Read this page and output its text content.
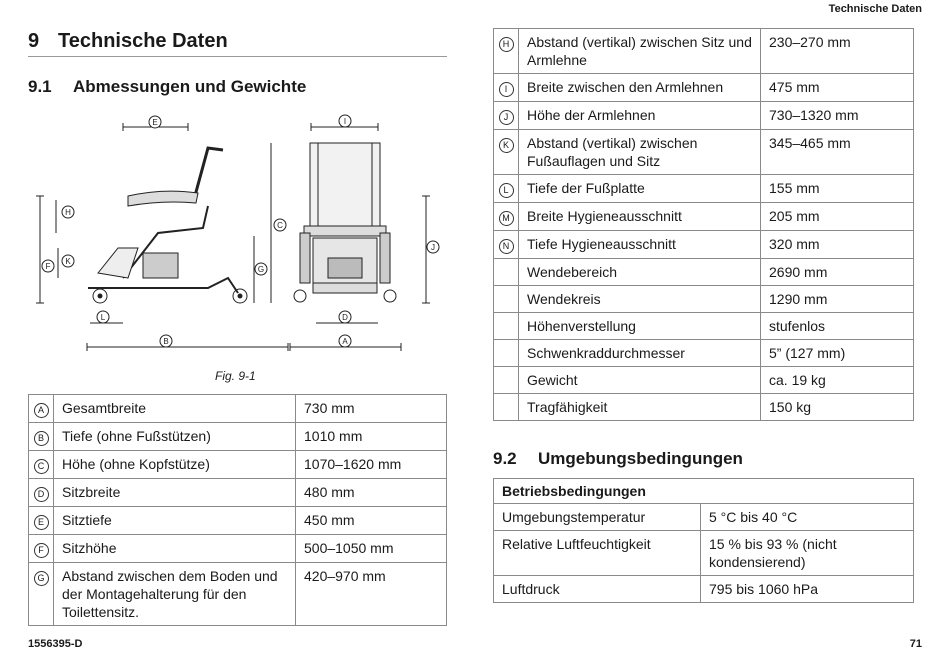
Technische Daten
9 Technische Daten
9.1 Abmessungen und Gewichte
E
H
F
K
G
C
L
B
I
J
D
A
Fig. 9-1
A	Gesamtbreite	730 mm
B	Tiefe (ohne Fußstützen)	1010 mm
C	Höhe (ohne Kopfstütze)	1070–1620 mm
D	Sitzbreite	480 mm
E	Sitztiefe	450 mm
F	Sitzhöhe	500–1050 mm
G	Abstand zwischen dem Boden und der Montagehalterung für den Toilettensitz.	420–970 mm
H	Abstand (vertikal) zwischen Sitz und Armlehne	230–270 mm
I	Breite zwischen den Armlehnen	475 mm
J	Höhe der Armlehnen	730–1320 mm
K	Abstand (vertikal) zwischen Fußauflagen und Sitz	345–465 mm
L	Tiefe der Fußplatte	155 mm
M	Breite Hygieneausschnitt	205 mm
N	Tiefe Hygieneausschnitt	320 mm
	Wendebereich	2690 mm
	Wendekreis	1290 mm
	Höhenverstellung	stufenlos
	Schwenkraddurchmesser	5” (127 mm)
	Gewicht	ca. 19 kg
	Tragfähigkeit	150 kg
9.2 Umgebungsbedingungen
Betriebsbedingungen	
Umgebungstemperatur	5 °C bis 40 °C
Relative Luftfeuchtigkeit	15 % bis 93 % (nicht kondensierend)
Luftdruck	795 bis 1060 hPa
1556395-D	71
